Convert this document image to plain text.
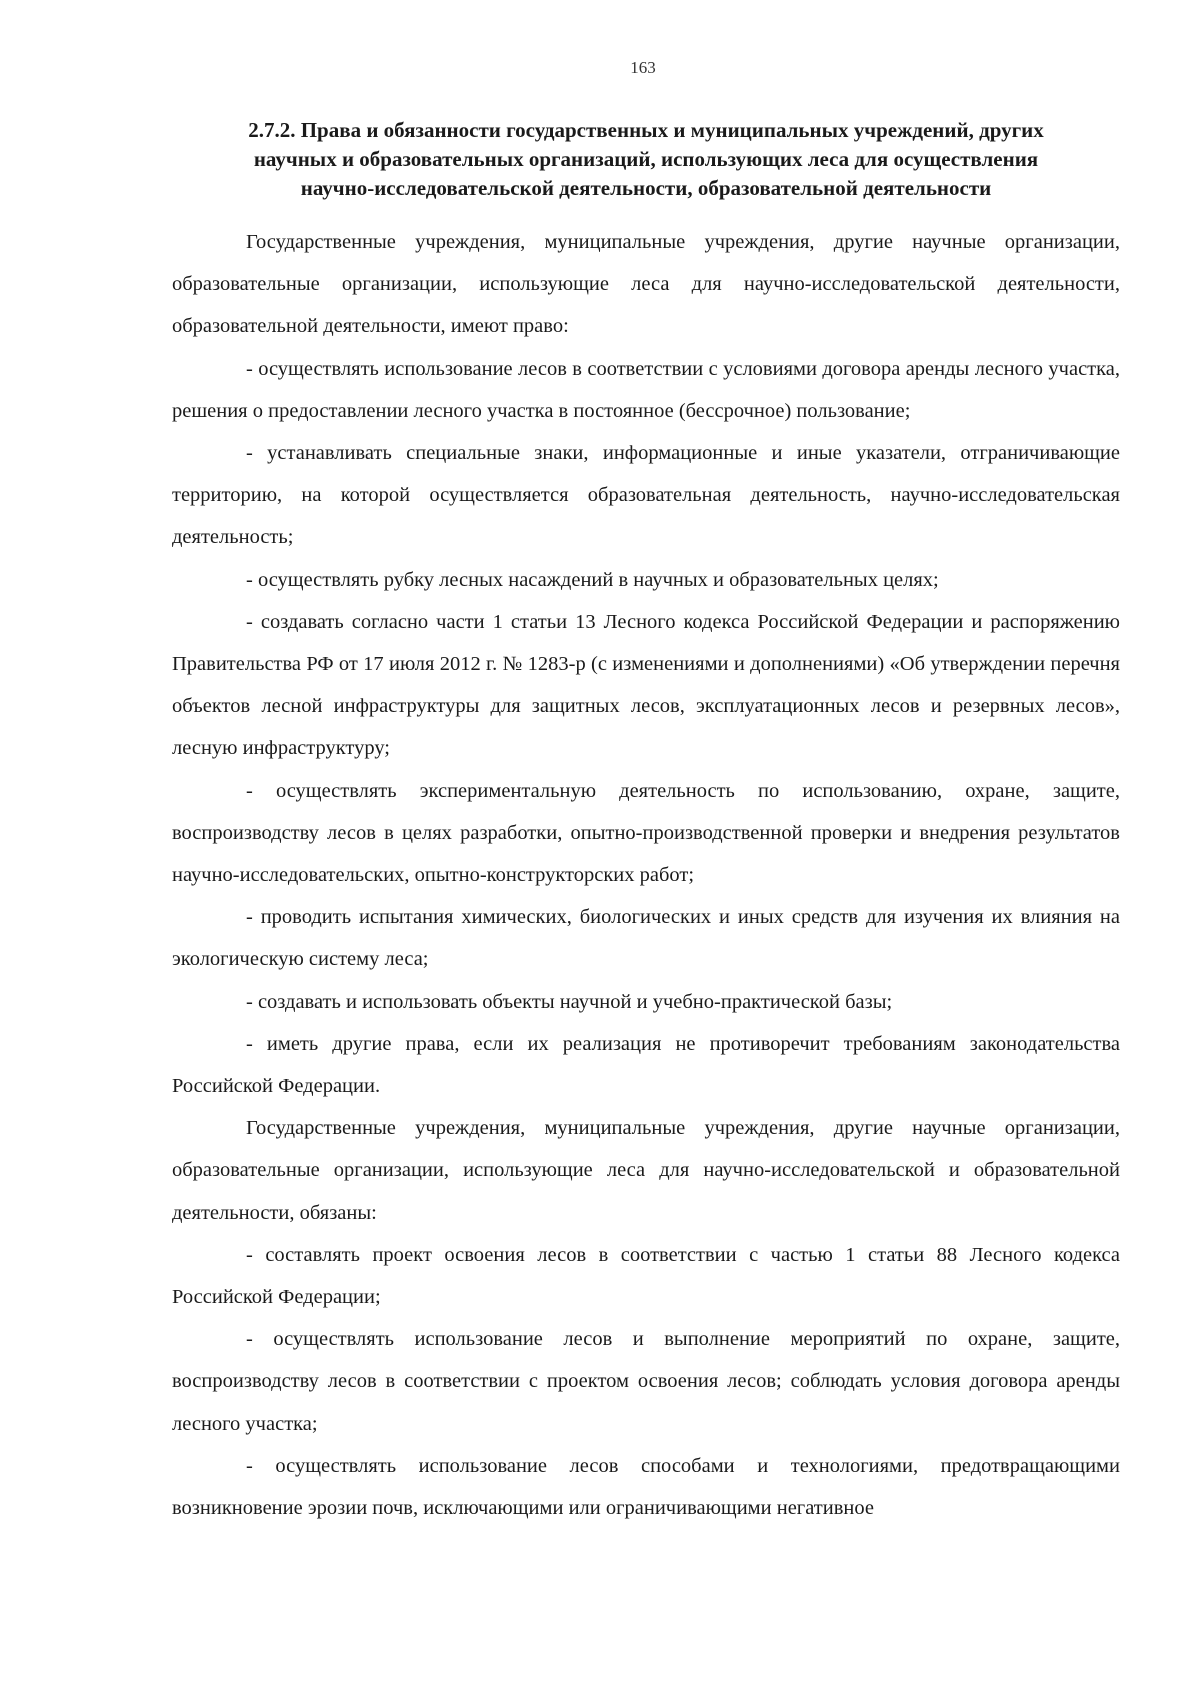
163
2.7.2. Права и обязанности государственных и муниципальных учреждений, других
научных и образовательных организаций, использующих леса для осуществления
научно-исследовательской деятельности, образовательной деятельности

Государственные учреждения, муниципальные учреждения, другие научные организации, образовательные организации, использующие леса для научно-исследовательской деятельности, образовательной деятельности, имеют право:

- осуществлять использование лесов в соответствии с условиями договора аренды лесного участка, решения о предоставлении лесного участка в постоянное (бессрочное) пользование;

- устанавливать специальные знаки, информационные и иные указатели, отграничивающие территорию, на которой осуществляется образовательная деятельность, научно-исследовательская деятельность;

- осуществлять рубку лесных насаждений в научных и образовательных целях;

- создавать согласно части 1 статьи 13 Лесного кодекса Российской Федерации и распоряжению Правительства РФ от 17 июля 2012 г. № 1283-р (с изменениями и дополнениями) «Об утверждении перечня объектов лесной инфраструктуры для защитных лесов, эксплуатационных лесов и резервных лесов», лесную инфраструктуру;

- осуществлять экспериментальную деятельность по использованию, охране, защите, воспроизводству лесов в целях разработки, опытно-производственной проверки и внедрения результатов научно-исследовательских, опытно-конструкторских работ;

- проводить испытания химических, биологических и иных средств для изучения их влияния на экологическую систему леса;

- создавать и использовать объекты научной и учебно-практической базы;

- иметь другие права, если их реализация не противоречит требованиям законодательства Российской Федерации.

Государственные учреждения, муниципальные учреждения, другие научные организации, образовательные организации, использующие леса для научно-исследовательской и образовательной деятельности, обязаны:

- составлять проект освоения лесов в соответствии с частью 1 статьи 88 Лесного кодекса Российской Федерации;

- осуществлять использование лесов и выполнение мероприятий по охране, защите, воспроизводству лесов в соответствии с проектом освоения лесов; соблюдать условия договора аренды лесного участка;

- осуществлять использование лесов способами и технологиями, предотвращающими возникновение эрозии почв, исключающими или ограничивающими негативное
